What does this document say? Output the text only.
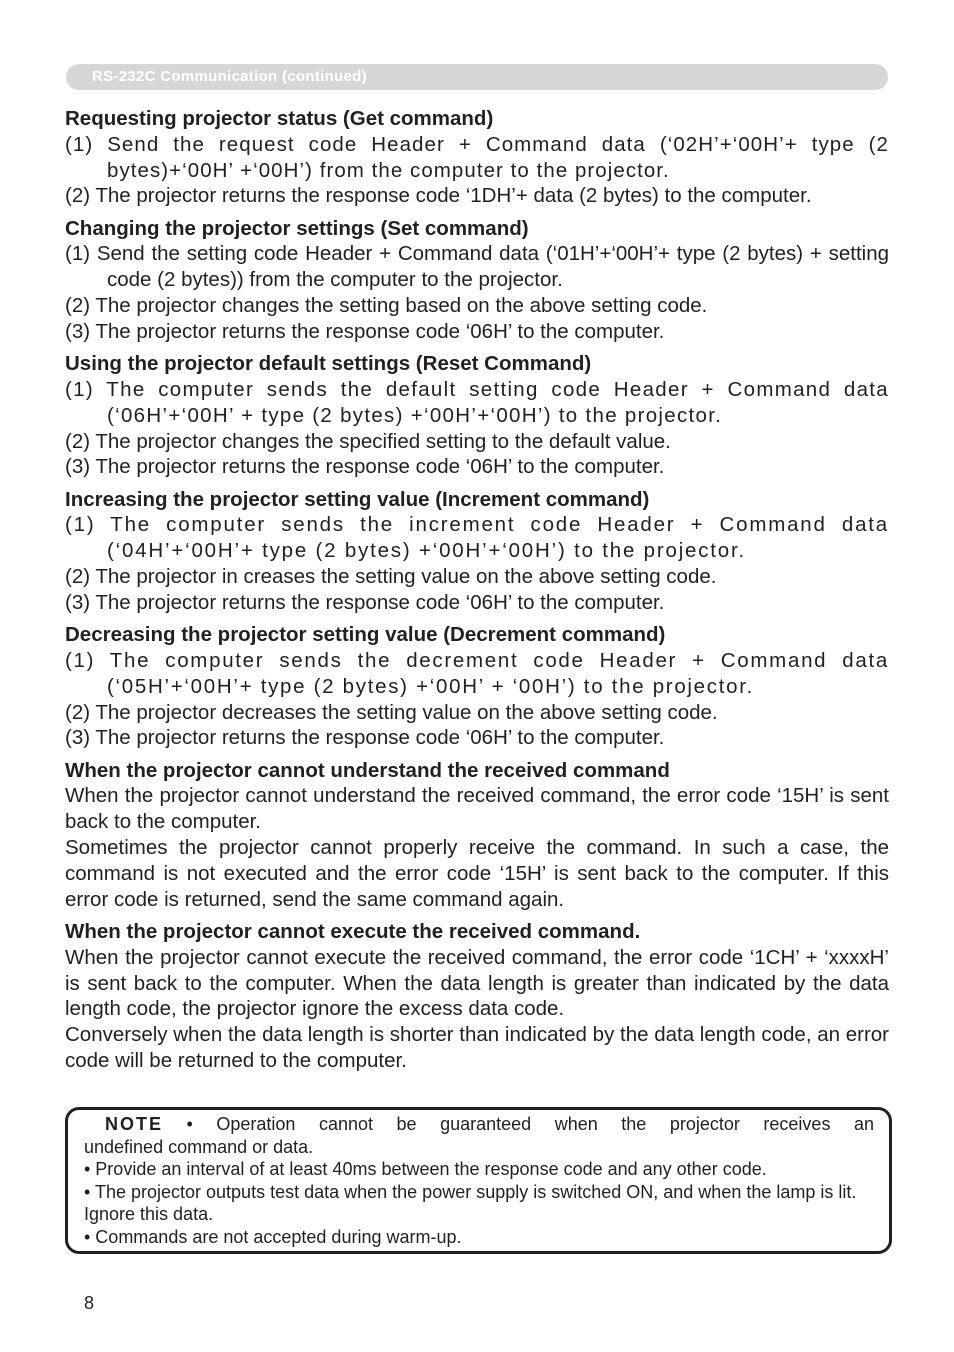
RS-232C Communication (continued)
Requesting projector status (Get command)
(1) Send the request code Header + Command data (‘02H’+‘00H’+ type (2 bytes)+‘00H’ +‘00H’) from the computer to the projector.
(2) The projector returns the response code ‘1DH’+ data (2 bytes) to the computer.
Changing the projector settings (Set command)
(1) Send the setting code Header + Command data (‘01H’+‘00H’+ type (2 bytes) + setting code (2 bytes)) from the computer to the projector.
(2) The projector changes the setting based on the above setting code.
(3) The projector returns the response code ‘06H’ to the computer.
Using the projector default settings (Reset Command)
(1) The computer sends the default setting code Header + Command data (‘06H’+‘00H’ + type (2 bytes) +‘00H’+‘00H’) to the projector.
(2) The projector changes the specified setting to the default value.
(3) The projector returns the response code ‘06H’ to the computer.
Increasing the projector setting value (Increment command)
(1) The computer sends the increment code Header + Command data (‘04H’+‘00H’+ type (2 bytes) +‘00H’+‘00H’) to the projector.
(2) The projector in creases the setting value on the above setting code.
(3) The projector returns the response code ‘06H’ to the computer.
Decreasing the projector setting value (Decrement command)
(1) The computer sends the decrement code Header + Command data (‘05H’+‘00H’+ type (2 bytes) +‘00H’ + ‘00H’) to the projector.
(2) The projector decreases the setting value on the above setting code.
(3) The projector returns the response code ‘06H’ to the computer.
When the projector cannot understand the received command
When the projector cannot understand the received command, the error code ‘15H’ is sent back to the computer.
Sometimes the projector cannot properly receive the command. In such a case, the command is not executed and the error code ‘15H’ is sent back to the computer. If this error code is returned, send the same command again.
When the projector cannot execute the received command.
When the projector cannot execute the received command, the error code ‘1CH’ + ‘xxxxH’ is sent back to the computer. When the data length is greater than indicated by the data length code, the projector ignore the excess data code.
Conversely when the data length is shorter than indicated by the data length code, an error code will be returned to the computer.

NOTE • Operation cannot be guaranteed when the projector receives an

undefined command or data.

• Provide an interval of at least 40ms between the response code and any other code.

• The projector outputs test data when the power supply is switched ON, and when the lamp is lit. Ignore this data.

• Commands are not accepted during warm-up.

8
